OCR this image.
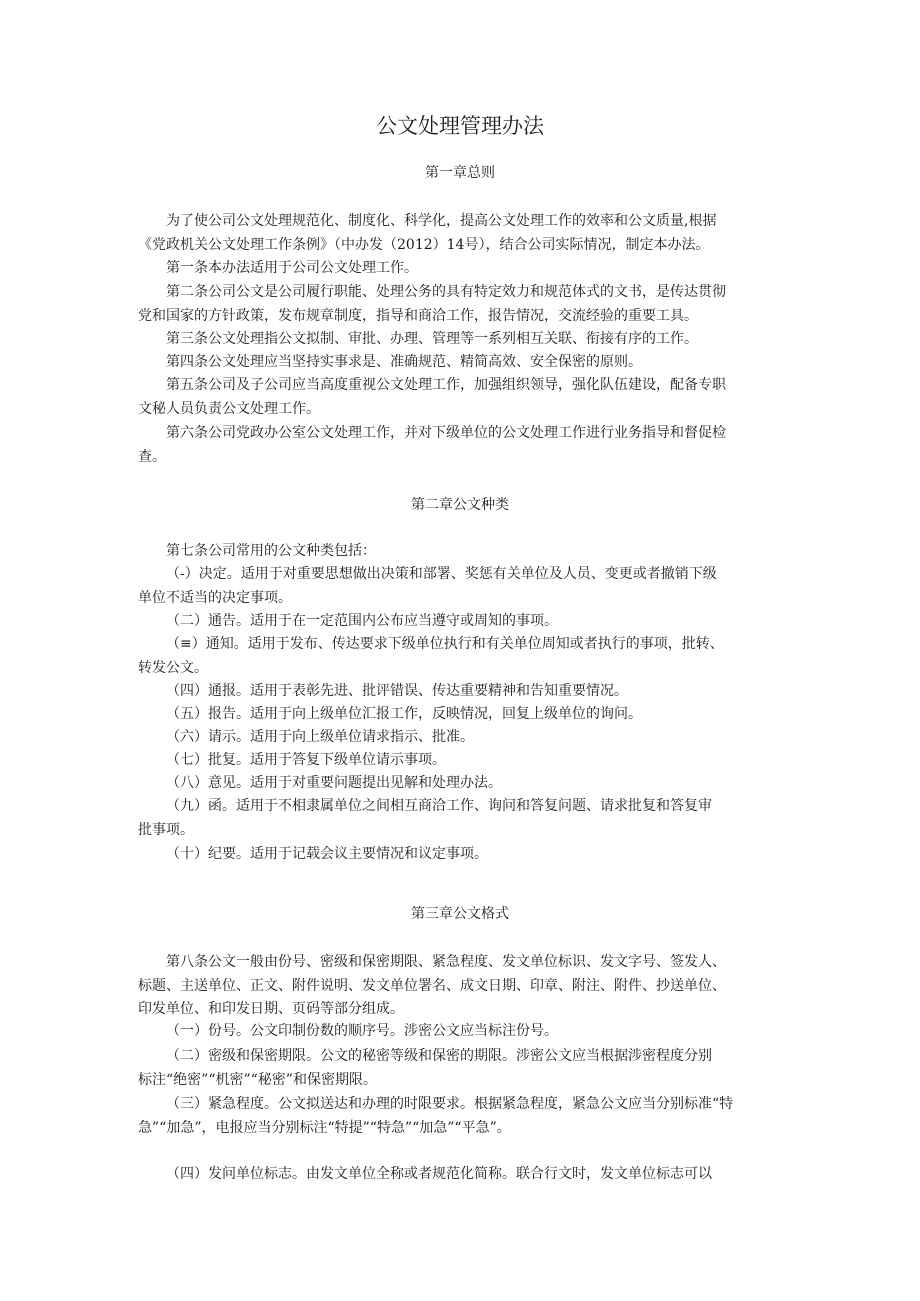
公文处理管理办法
第一章总则
为了使公司公文处理规范化、制度化、科学化，提高公文处理工作的效率和公文质量,根据
《党政机关公文处理工作条例》（中办发（2012）14号），结合公司实际情况，制定本办法。
第一条本办法适用于公司公文处理工作。
第二条公司公文是公司履行职能、处理公务的具有特定效力和规范体式的文书，是传达贯彻
党和国家的方针政策，发布规章制度，指导和商洽工作，报告情况，交流经验的重要工具。
第三条公文处理指公文拟制、审批、办理、管理等一系列相互关联、衔接有序的工作。
第四条公文处理应当坚持实事求是、准确规范、精简高效、安全保密的原则。
第五条公司及子公司应当高度重视公文处理工作，加强组织领导，强化队伍建设，配备专职
文秘人员负责公文处理工作。
第六条公司党政办公室公文处理工作，并对下级单位的公文处理工作进行业务指导和督促检
查。
第二章公文种类
第七条公司常用的公文种类包括：
（-）决定。适用于对重要思想做出决策和部署、奖惩有关单位及人员、变更或者撤销下级
单位不适当的决定事项。
（二）通告。适用于在一定范围内公布应当遵守或周知的事项。
（≡）通知。适用于发布、传达要求下级单位执行和有关单位周知或者执行的事项，批转、
转发公文。
（四）通报。适用于表彰先进、批评错误、传达重要精神和告知重要情况。
（五）报告。适用于向上级单位汇报工作，反映情况，回复上级单位的询问。
（六）请示。适用于向上级单位请求指示、批准。
（七）批复。适用于答复下级单位请示事项。
（八）意见。适用于对重要问题提出见解和处理办法。
（九）函。适用于不相隶属单位之间相互商洽工作、询问和答复问题、请求批复和答复审
批事项。
（十）纪要。适用于记载会议主要情况和议定事项。
第三章公文格式
第八条公文一般由份号、密级和保密期限、紧急程度、发文单位标识、发文字号、签发人、
标题、主送单位、正文、附件说明、发文单位署名、成文日期、印章、附注、附件、抄送单位、
印发单位、和印发日期、页码等部分组成。
（一）份号。公文印制份数的顺序号。涉密公文应当标注份号。
（二）密级和保密期限。公文的秘密等级和保密的期限。涉密公文应当根据涉密程度分别
标注“绝密”“机密”“秘密”和保密期限。
（三）紧急程度。公文拟送达和办理的时限要求。根据紧急程度，紧急公文应当分别标准“特
急”“加急”，电报应当分别标注“特提”“特急”“加急”“平急”。
（四）发问单位标志。由发文单位全称或者规范化简称。联合行文时，发文单位标志可以
